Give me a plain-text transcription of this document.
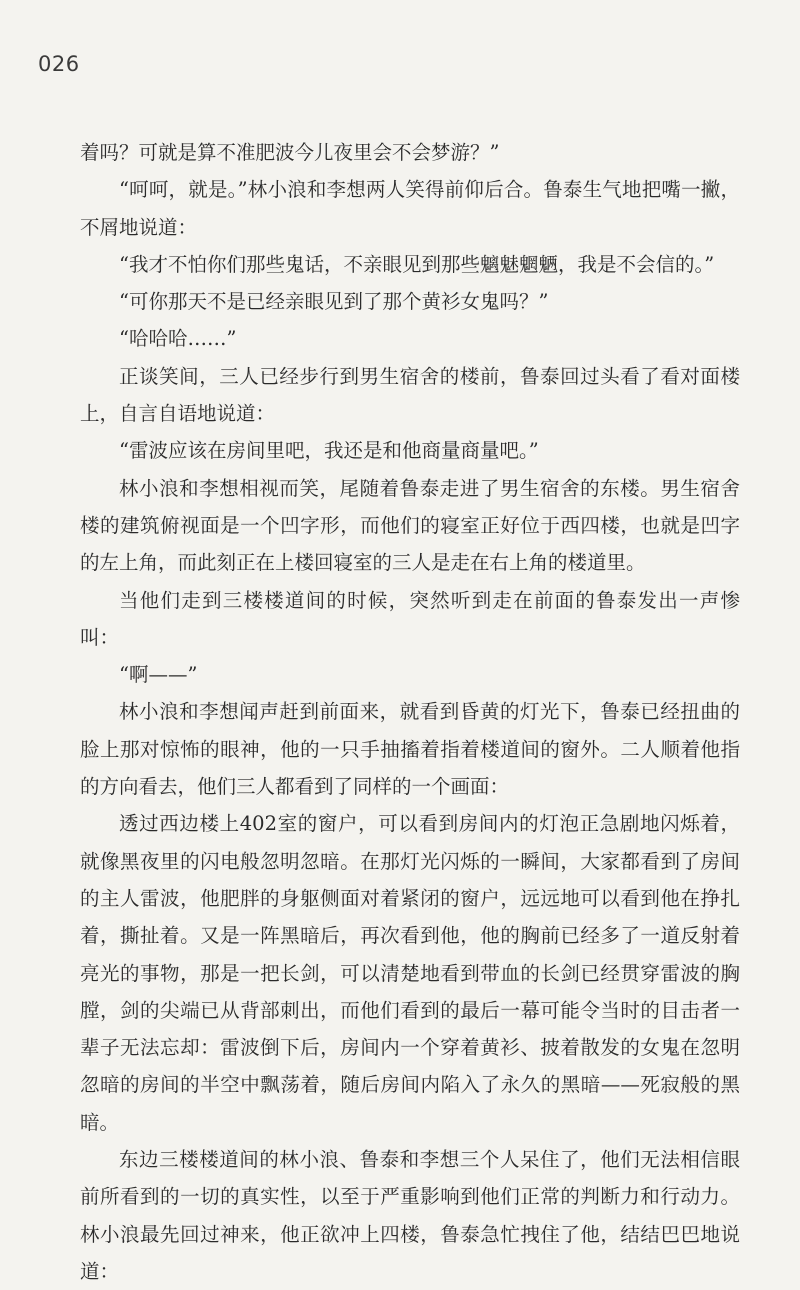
026

着吗？可就是算不准肥波今儿夜里会不会梦游？”

“呵呵，就是。”林小浪和李想两人笑得前仰后合。鲁泰生气地把嘴一撇，不屑地说道：

“我才不怕你们那些鬼话，不亲眼见到那些魑魅魍魉，我是不会信的。”

“可你那天不是已经亲眼见到了那个黄衫女鬼吗？”

“哈哈哈……”

正谈笑间，三人已经步行到男生宿舍的楼前，鲁泰回过头看了看对面楼上，自言自语地说道：

“雷波应该在房间里吧，我还是和他商量商量吧。”

林小浪和李想相视而笑，尾随着鲁泰走进了男生宿舍的东楼。男生宿舍楼的建筑俯视面是一个凹字形，而他们的寝室正好位于西四楼，也就是凹字的左上角，而此刻正在上楼回寝室的三人是走在右上角的楼道里。

当他们走到三楼楼道间的时候，突然听到走在前面的鲁泰发出一声惨叫：

“啊——”

林小浪和李想闻声赶到前面来，就看到昏黄的灯光下，鲁泰已经扭曲的脸上那对惊怖的眼神，他的一只手抽搐着指着楼道间的窗外。二人顺着他指的方向看去，他们三人都看到了同样的一个画面：

透过西边楼上402室的窗户，可以看到房间内的灯泡正急剧地闪烁着，就像黑夜里的闪电般忽明忽暗。在那灯光闪烁的一瞬间，大家都看到了房间的主人雷波，他肥胖的身躯侧面对着紧闭的窗户，远远地可以看到他在挣扎着，撕扯着。又是一阵黑暗后，再次看到他，他的胸前已经多了一道反射着亮光的事物，那是一把长剑，可以清楚地看到带血的长剑已经贯穿雷波的胸膛，剑的尖端已从背部刺出，而他们看到的最后一幕可能令当时的目击者一辈子无法忘却：雷波倒下后，房间内一个穿着黄衫、披着散发的女鬼在忽明忽暗的房间的半空中飘荡着，随后房间内陷入了永久的黑暗——死寂般的黑暗。

东边三楼楼道间的林小浪、鲁泰和李想三个人呆住了，他们无法相信眼前所看到的一切的真实性，以至于严重影响到他们正常的判断力和行动力。林小浪最先回过神来，他正欲冲上四楼，鲁泰急忙拽住了他，结结巴巴地说道：
